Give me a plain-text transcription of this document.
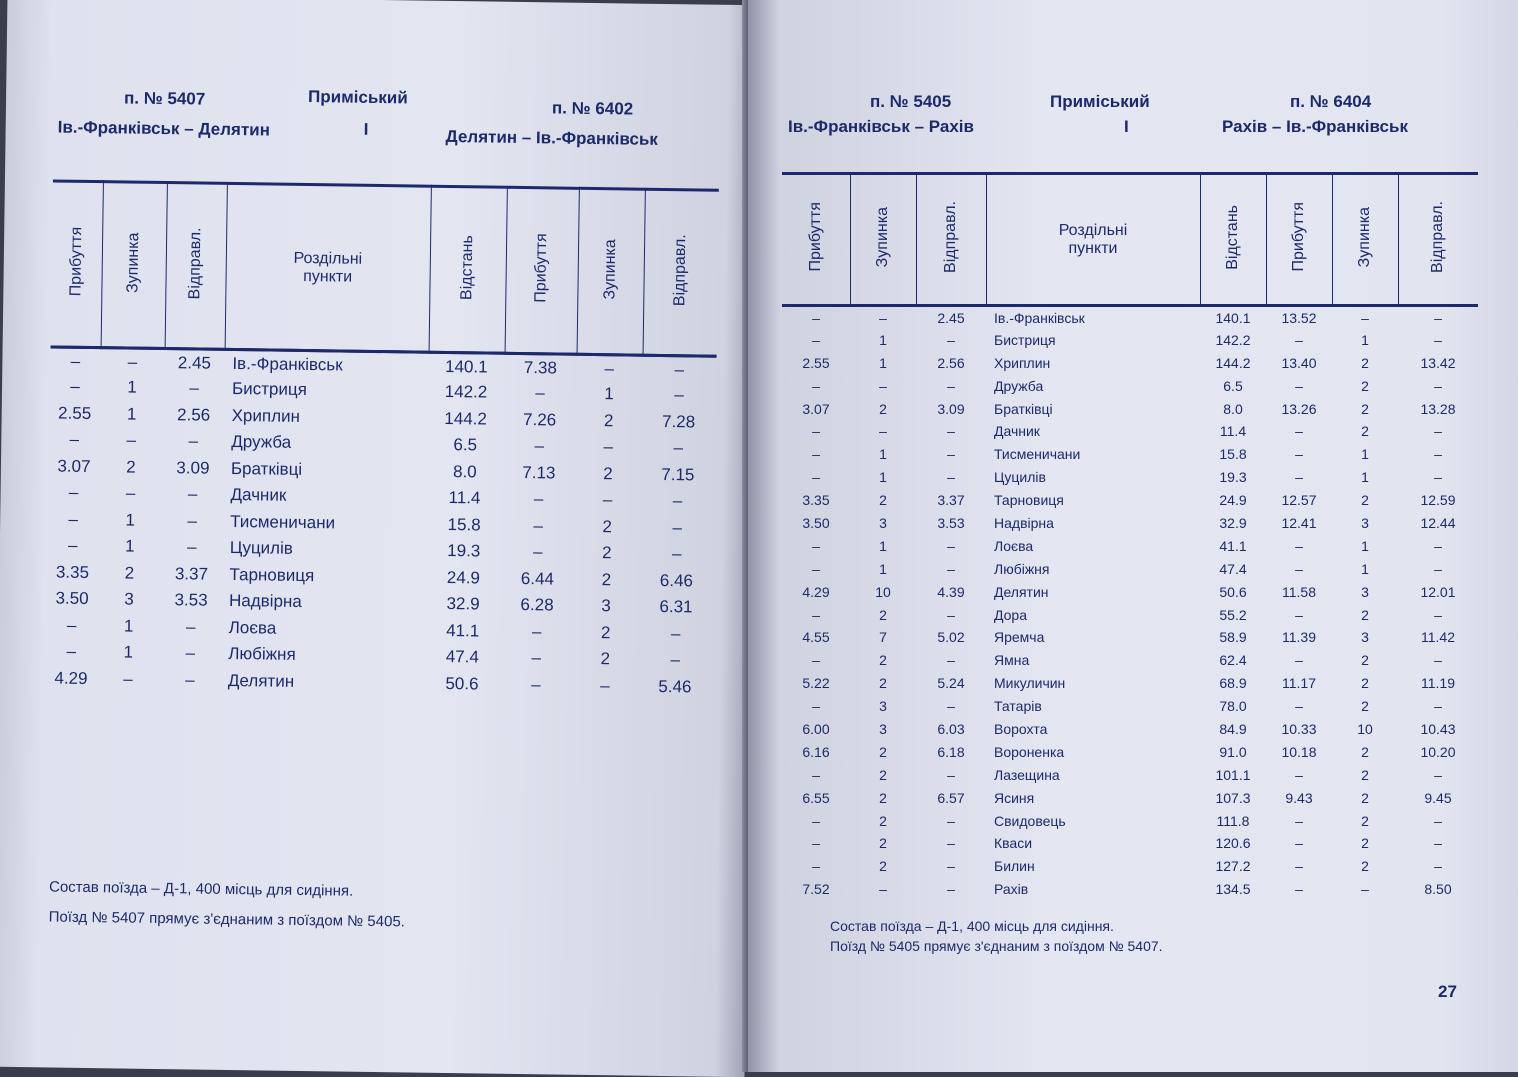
п. № 5407	Приміський
п. № 6402
Ів.-Франківськ – Делятин	І	Делятин – Ів.-Франківськ
Прибуття	Зупинка	Відправл.	Роздільні пункти	Відстань	Прибуття	Зупинка	Відправл.
–	–	2.45	Ів.-Франківськ	140.1	7.38	–	–
–	1	–	Бистриця	142.2	–	1	–
2.55	1	2.56	Хриплин	144.2	7.26	2	7.28
–	–	–	Дружба	6.5	–	–	–
3.07	2	3.09	Братківці	8.0	7.13	2	7.15
–	–	–	Дачник	11.4	–	–	–
–	1	–	Тисменичани	15.8	–	2	–
–	1	–	Цуцилів	19.3	–	2	–
3.35	2	3.37	Тарновиця	24.9	6.44	2	6.46
3.50	3	3.53	Надвірна	32.9	6.28	3	6.31
–	1	–	Лоєва	41.1	–	2	–
–	1	–	Любіжня	47.4	–	2	–
4.29	–	–	Делятин	50.6	–	–	5.46
Состав поїзда – Д-1, 400 місць для сидіння.
Поїзд № 5407 прямує з'єднаним з поїздом № 5405.
п. № 5405	Приміський	п. № 6404
Ів.-Франківськ – Рахів	І	Рахів – Ів.-Франківськ
Прибуття	Зупинка	Відправл.	Роздільні пункти	Відстань	Прибуття	Зупинка	Відправл.
–	–	2.45	Ів.-Франківськ	140.1	13.52	–	–
–	1	–	Бистриця	142.2	–	1	–
2.55	1	2.56	Хриплин	144.2	13.40	2	13.42
–	–	–	Дружба	6.5	–	2	–
3.07	2	3.09	Братківці	8.0	13.26	2	13.28
–	–	–	Дачник	11.4	–	2	–
–	1	–	Тисменичани	15.8	–	1	–
–	1	–	Цуцилів	19.3	–	1	–
3.35	2	3.37	Тарновиця	24.9	12.57	2	12.59
3.50	3	3.53	Надвірна	32.9	12.41	3	12.44
–	1	–	Лоєва	41.1	–	1	–
–	1	–	Любіжня	47.4	–	1	–
4.29	10	4.39	Делятин	50.6	11.58	3	12.01
–	2	–	Дора	55.2	–	2	–
4.55	7	5.02	Яремча	58.9	11.39	3	11.42
–	2	–	Ямна	62.4	–	2	–
5.22	2	5.24	Микуличин	68.9	11.17	2	11.19
–	3	–	Татарів	78.0	–	2	–
6.00	3	6.03	Ворохта	84.9	10.33	10	10.43
6.16	2	6.18	Вороненка	91.0	10.18	2	10.20
–	2	–	Лазещина	101.1	–	2	–
6.55	2	6.57	Ясиня	107.3	9.43	2	9.45
–	2	–	Свидовець	111.8	–	2	–
–	2	–	Кваси	120.6	–	2	–
–	2	–	Билин	127.2	–	2	–
7.52	–	–	Рахів	134.5	–	–	8.50
Состав поїзда – Д-1, 400 місць для сидіння.
Поїзд № 5405 прямує з'єднаним з поїздом № 5407.
27
